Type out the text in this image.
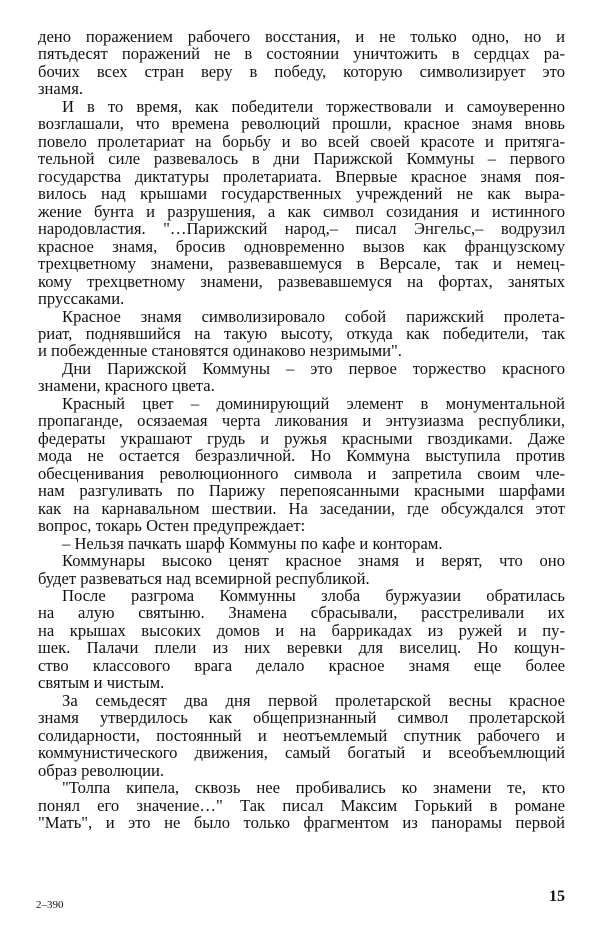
дено поражением рабочего восстания, и не только одно, но и
пятьдесят поражений не в состоянии уничтожить в сердцах ра-
бочих всех стран веру в победу, которую символизирует это
знамя.
И в то время, как победители торжествовали и самоуверенно
возглашали, что времена революций прошли, красное знамя вновь
повело пролетариат на борьбу и во всей своей красоте и притяга-
тельной силе развевалось в дни Парижской Коммуны – первого
государства диктатуры пролетариата. Впервые красное знамя поя-
вилось над крышами государственных учреждений не как выра-
жение бунта и разрушения, а как символ созидания и истинного
народовластия. "…Парижский народ,– писал Энгельс,– водрузил
красное знамя, бросив одновременно вызов как французскому
трехцветному знамени, развевавшемуся в Версале, так и немец-
кому трехцветному знамени, развевавшемуся на фортах, занятых
пруссаками.
Красное знамя символизировало собой парижский пролета-
риат, поднявшийся на такую высоту, откуда как победители, так
и побежденные становятся одинаково незримыми".
Дни Парижской Коммуны – это первое торжество красного
знамени, красного цвета.
Красный цвет – доминирующий элемент в монументальной
пропаганде, осязаемая черта ликования и энтузиазма республики,
федераты украшают грудь и ружья красными гвоздиками. Даже
мода не остается безразличной. Но Коммуна выступила против
обесценивания революционного символа и запретила своим чле-
нам разгуливать по Парижу перепоясанными красными шарфами
как на карнавальном шествии. На заседании, где обсуждался этот
вопрос, токарь Остен предупреждает:
– Нельзя пачкать шарф Коммуны по кафе и конторам.
Коммунары высоко ценят красное знамя и верят, что оно
будет развеваться над всемирной республикой.
После разгрома Коммунны злоба буржуазии обратилась
на алую святыню. Знамена сбрасывали, расстреливали их
на крышах высоких домов и на баррикадах из ружей и пу-
шек. Палачи плели из них веревки для виселиц. Но кощун-
ство классового врага делало красное знамя еще более
святым и чистым.
За семьдесят два дня первой пролетарской весны красное
знамя утвердилось как общепризнанный символ пролетарской
солидарности, постоянный и неотъемлемый спутник рабочего и
коммунистического движения, самый богатый и всеобъемлющий
образ революции.
"Толпа кипела, сквозь нее пробивались ко знамени те, кто
понял его значение…" Так писал Максим Горький в романе
"Мать", и это не было только фрагментом из панорамы первой
2–390	15
